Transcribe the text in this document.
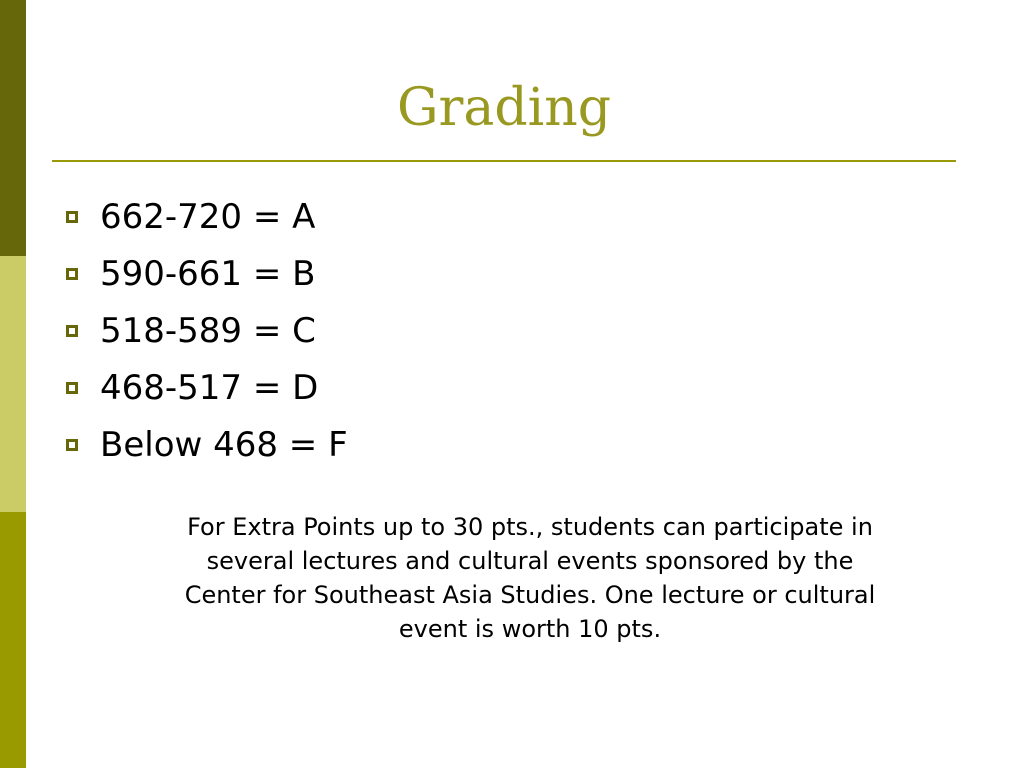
Grading
662-720 = A
590-661 = B
518-589 = C
468-517 = D
Below 468 = F

For Extra Points up to 30 pts., students can participate in
several lectures and cultural events sponsored by the
Center for Southeast Asia Studies. One lecture or cultural
event is worth 10 pts.
